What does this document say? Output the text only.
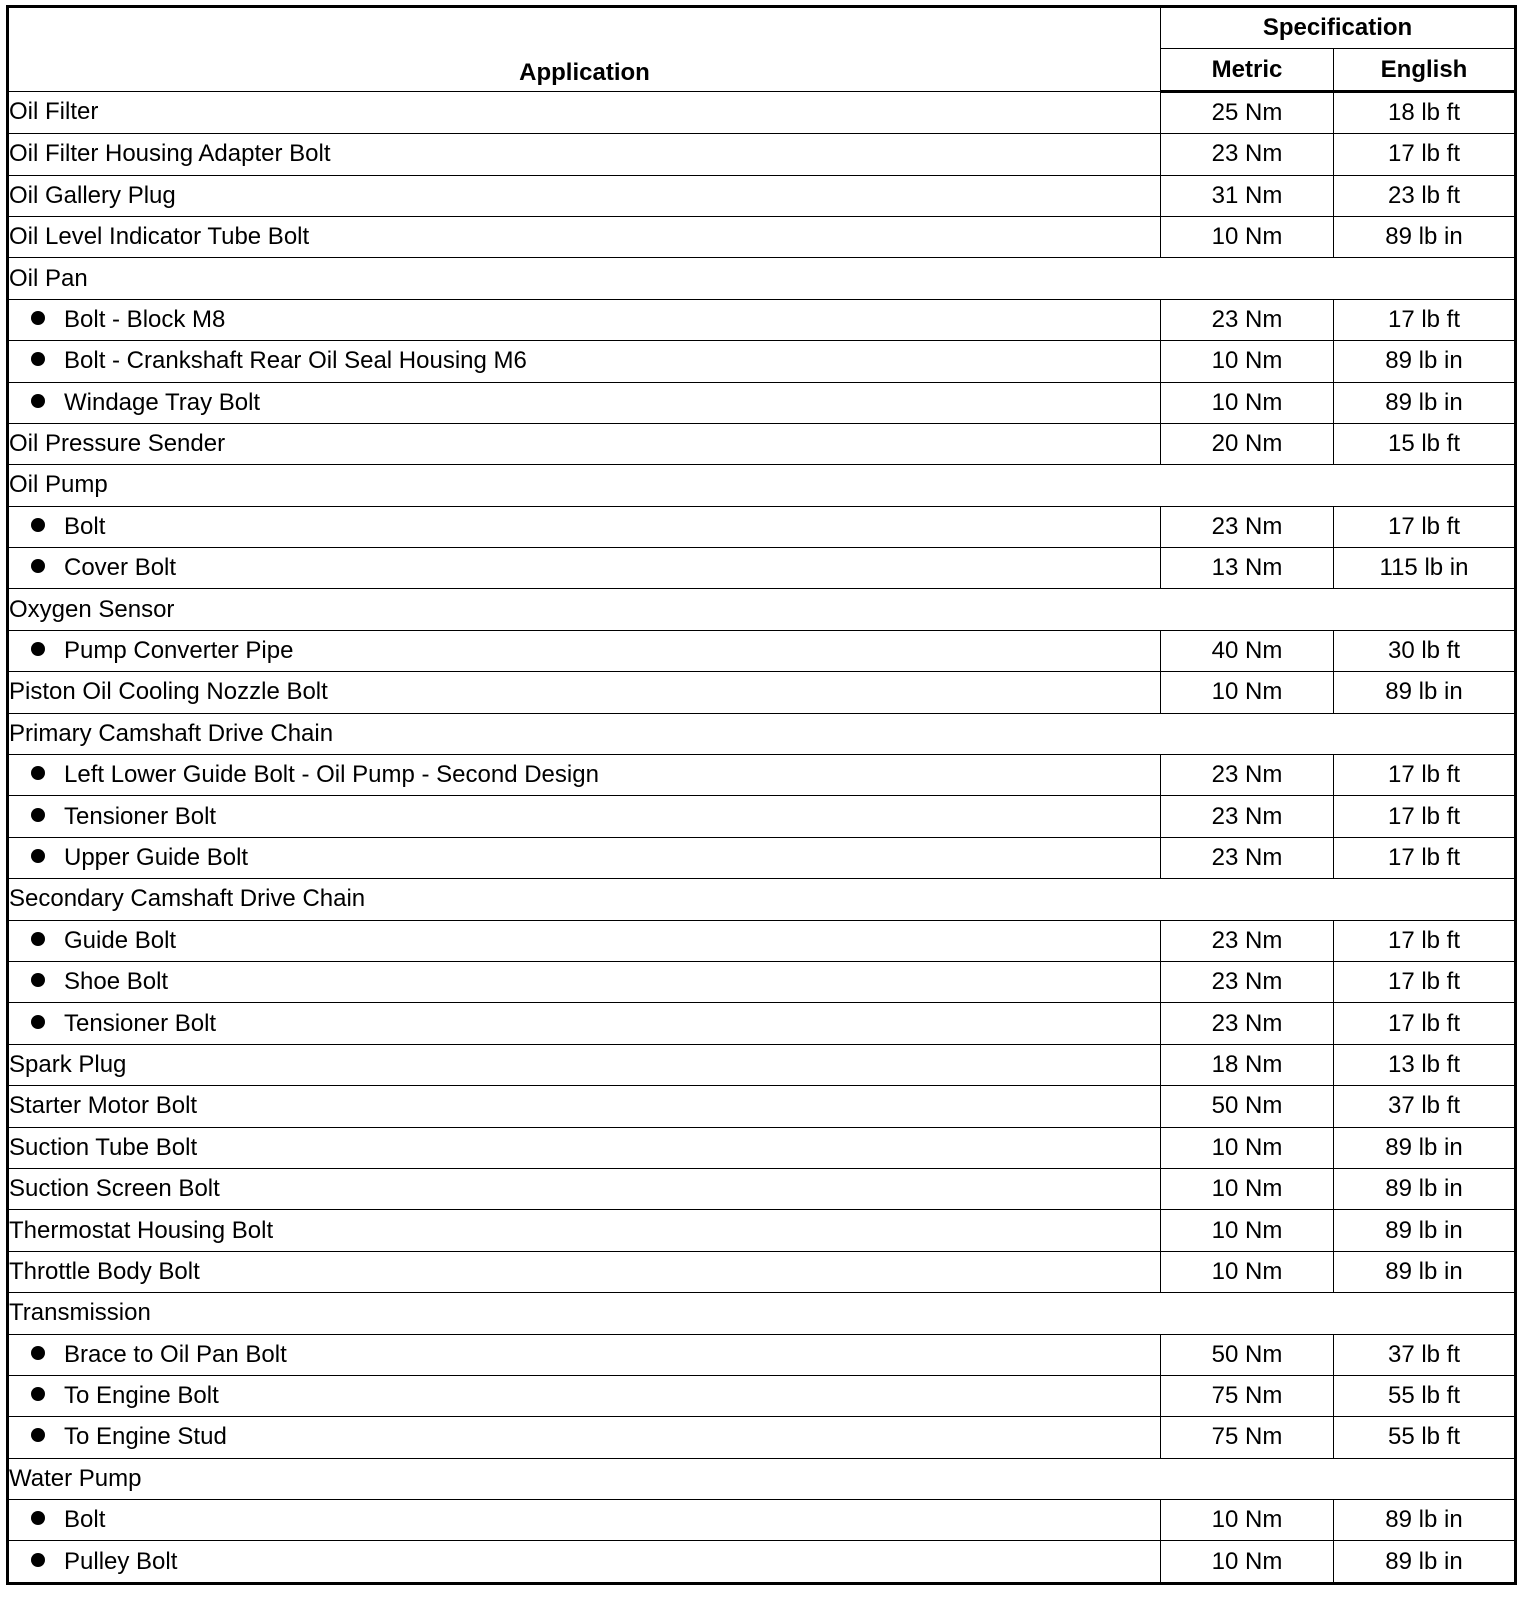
Application	Specification	
	Metric	English
Oil Filter	25 Nm	18 lb ft
Oil Filter Housing Adapter Bolt	23 Nm	17 lb ft
Oil Gallery Plug	31 Nm	23 lb ft
Oil Level Indicator Tube Bolt	10 Nm	89 lb in
Oil Pan		
Bolt - Block M8	23 Nm	17 lb ft
Bolt - Crankshaft Rear Oil Seal Housing M6	10 Nm	89 lb in
Windage Tray Bolt	10 Nm	89 lb in
Oil Pressure Sender	20 Nm	15 lb ft
Oil Pump		
Bolt	23 Nm	17 lb ft
Cover Bolt	13 Nm	115 lb in
Oxygen Sensor		
Pump Converter Pipe	40 Nm	30 lb ft
Piston Oil Cooling Nozzle Bolt	10 Nm	89 lb in
Primary Camshaft Drive Chain		
Left Lower Guide Bolt - Oil Pump - Second Design	23 Nm	17 lb ft
Tensioner Bolt	23 Nm	17 lb ft
Upper Guide Bolt	23 Nm	17 lb ft
Secondary Camshaft Drive Chain		
Guide Bolt	23 Nm	17 lb ft
Shoe Bolt	23 Nm	17 lb ft
Tensioner Bolt	23 Nm	17 lb ft
Spark Plug	18 Nm	13 lb ft
Starter Motor Bolt	50 Nm	37 lb ft
Suction Tube Bolt	10 Nm	89 lb in
Suction Screen Bolt	10 Nm	89 lb in
Thermostat Housing Bolt	10 Nm	89 lb in
Throttle Body Bolt	10 Nm	89 lb in
Transmission		
Brace to Oil Pan Bolt	50 Nm	37 lb ft
To Engine Bolt	75 Nm	55 lb ft
To Engine Stud	75 Nm	55 lb ft
Water Pump		
Bolt	10 Nm	89 lb in
Pulley Bolt	10 Nm	89 lb in
